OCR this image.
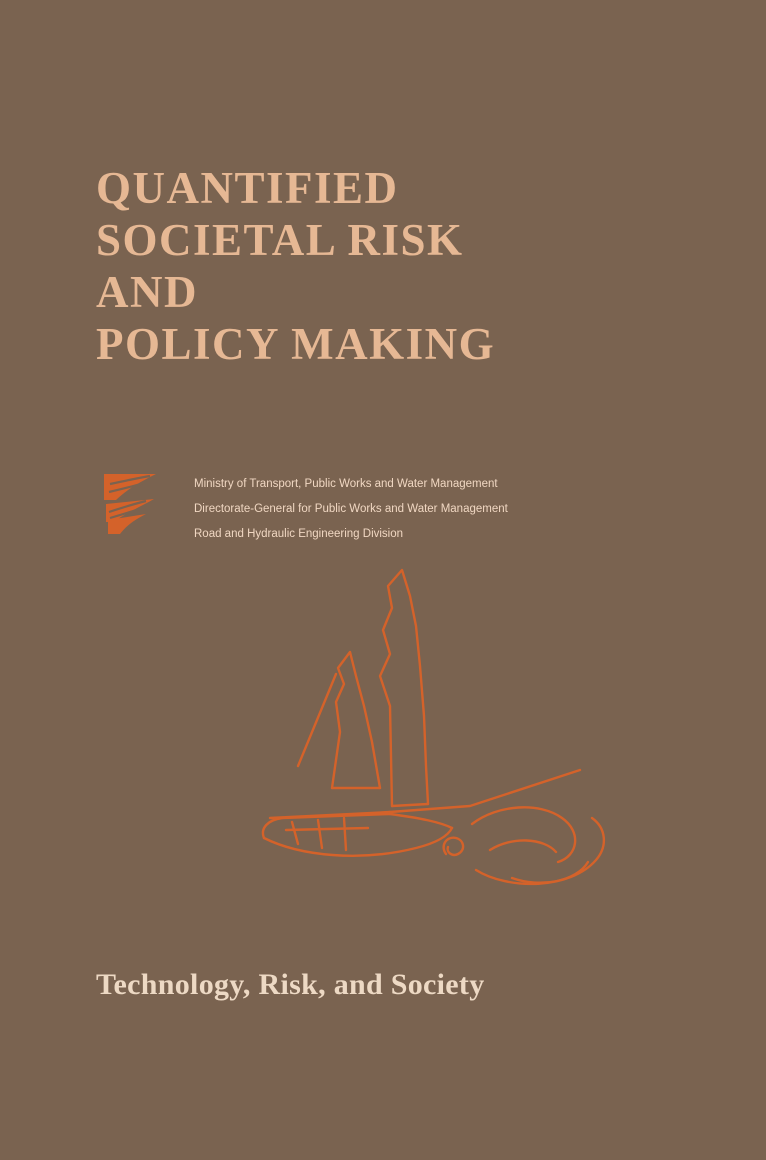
QUANTIFIED
SOCIETAL RISK
AND
POLICY MAKING
Ministry of Transport, Public Works and Water Management
Directorate-General for Public Works and Water Management
Road and Hydraulic Engineering Division
Technology, Risk, and Society
